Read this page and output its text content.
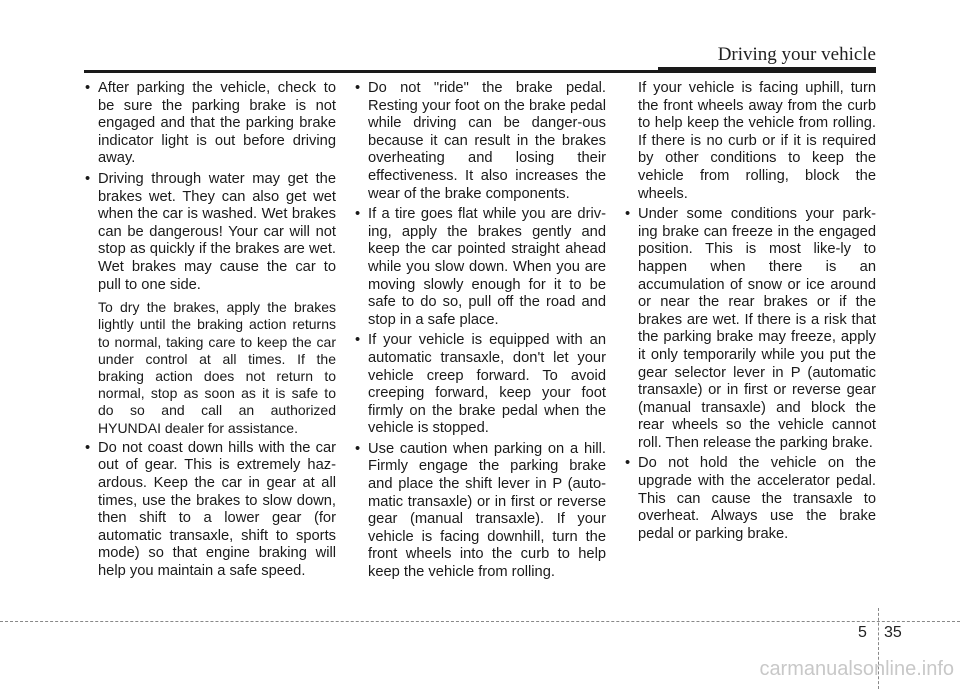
Driving your vehicle
• After parking the vehicle, check to be sure the parking brake is not engaged and that the parking brake indicator light is out before driving away.
• Driving through water may get the brakes wet. They can also get wet when the car is washed. Wet brakes can be dangerous! Your car will not stop as quickly if the brakes are wet. Wet brakes may cause the car to pull to one side.

To dry the brakes, apply the brakes lightly until the braking action returns to normal, taking care to keep the car under control at all times. If the braking action does not return to normal, stop as soon as it is safe to do so and call an authorized HYUNDAI dealer for assistance.

• Do not coast down hills with the car out of gear. This is extremely haz-ardous. Keep the car in gear at all times, use the brakes to slow down, then shift to a lower gear (for automatic transaxle, shift to sports mode) so that engine braking will help you maintain a safe speed.
• Do not "ride" the brake pedal. Resting your foot on the brake pedal while driving can be danger-ous because it can result in the brakes overheating and losing their effectiveness. It also increases the wear of the brake components.
• If a tire goes flat while you are driv-ing, apply the brakes gently and keep the car pointed straight ahead while you slow down. When you are moving slowly enough for it to be safe to do so, pull off the road and stop in a safe place.
• If your vehicle is equipped with an automatic transaxle, don't let your vehicle creep forward. To avoid creeping forward, keep your foot firmly on the brake pedal when the vehicle is stopped.
• Use caution when parking on a hill. Firmly engage the parking brake and place the shift lever in P (auto-matic transaxle) or in first or reverse gear (manual transaxle). If your vehicle is facing downhill, turn the front wheels into the curb to help keep the vehicle from rolling.

If your vehicle is facing uphill, turn the front wheels away from the curb to help keep the vehicle from rolling. If there is no curb or if it is required by other conditions to keep the vehicle from rolling, block the wheels.

• Under some conditions your park-ing brake can freeze in the engaged position. This is most like-ly to happen when there is an accumulation of snow or ice around or near the rear brakes or if the brakes are wet. If there is a risk that the parking brake may freeze, apply it only temporarily while you put the gear selector lever in P (automatic transaxle) or in first or reverse gear (manual transaxle) and block the rear wheels so the vehicle cannot roll. Then release the parking brake.
• Do not hold the vehicle on the upgrade with the accelerator pedal. This can cause the transaxle to overheat. Always use the brake pedal or parking brake.
5 35
carmanualsonline.info
